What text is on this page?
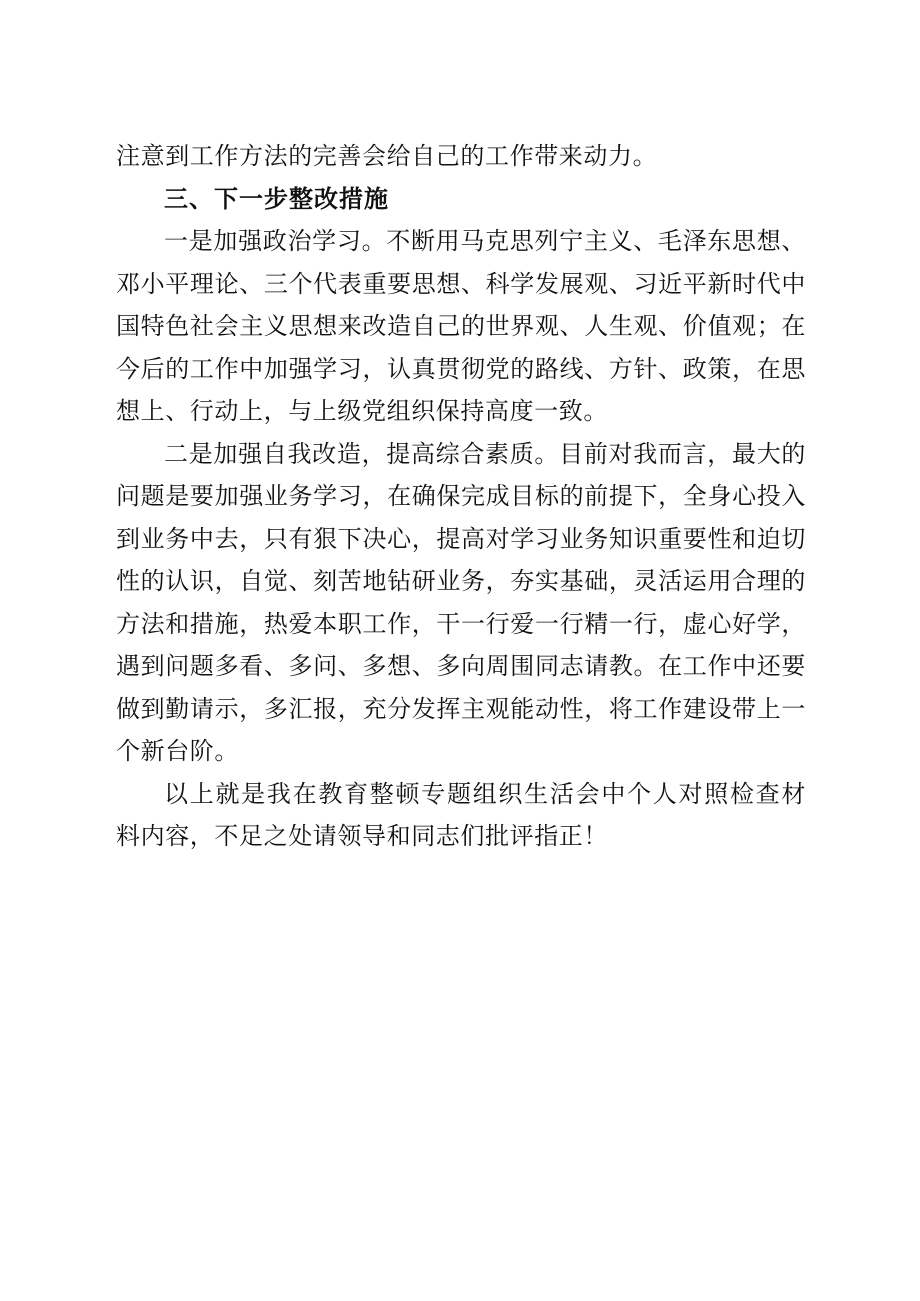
注意到工作方法的完善会给自己的工作带来动力。

三、下一步整改措施

一是加强政治学习。不断用马克思列宁主义、毛泽东思想、 邓小平理论、三个代表重要思想、科学发展观、习近平新时代中 国特色社会主义思想来改造自己的世界观、人生观、价值观；在 今后的工作中加强学习，认真贯彻党的路线、方针、政策，在思 想上、行动上，与上级党组织保持高度一致。

二是加强自我改造，提高综合素质。目前对我而言，最大的 问题是要加强业务学习，在确保完成目标的前提下，全身心投入 到业务中去，只有狠下决心，提高对学习业务知识重要性和迫切 性的认识，自觉、刻苦地钻研业务，夯实基础，灵活运用合理的 方法和措施，热爱本职工作，干一行爱一行精一行，虚心好学，遇到问题多看、多问、多想、多向周围同志请教。在工作中还要 做到勤请示，多汇报，充分发挥主观能动性，将工作建设带上一 个新台阶。

以上就是我在教育整顿专题组织生活会中个人对照检查材 料内容，不足之处请领导和同志们批评指正！
